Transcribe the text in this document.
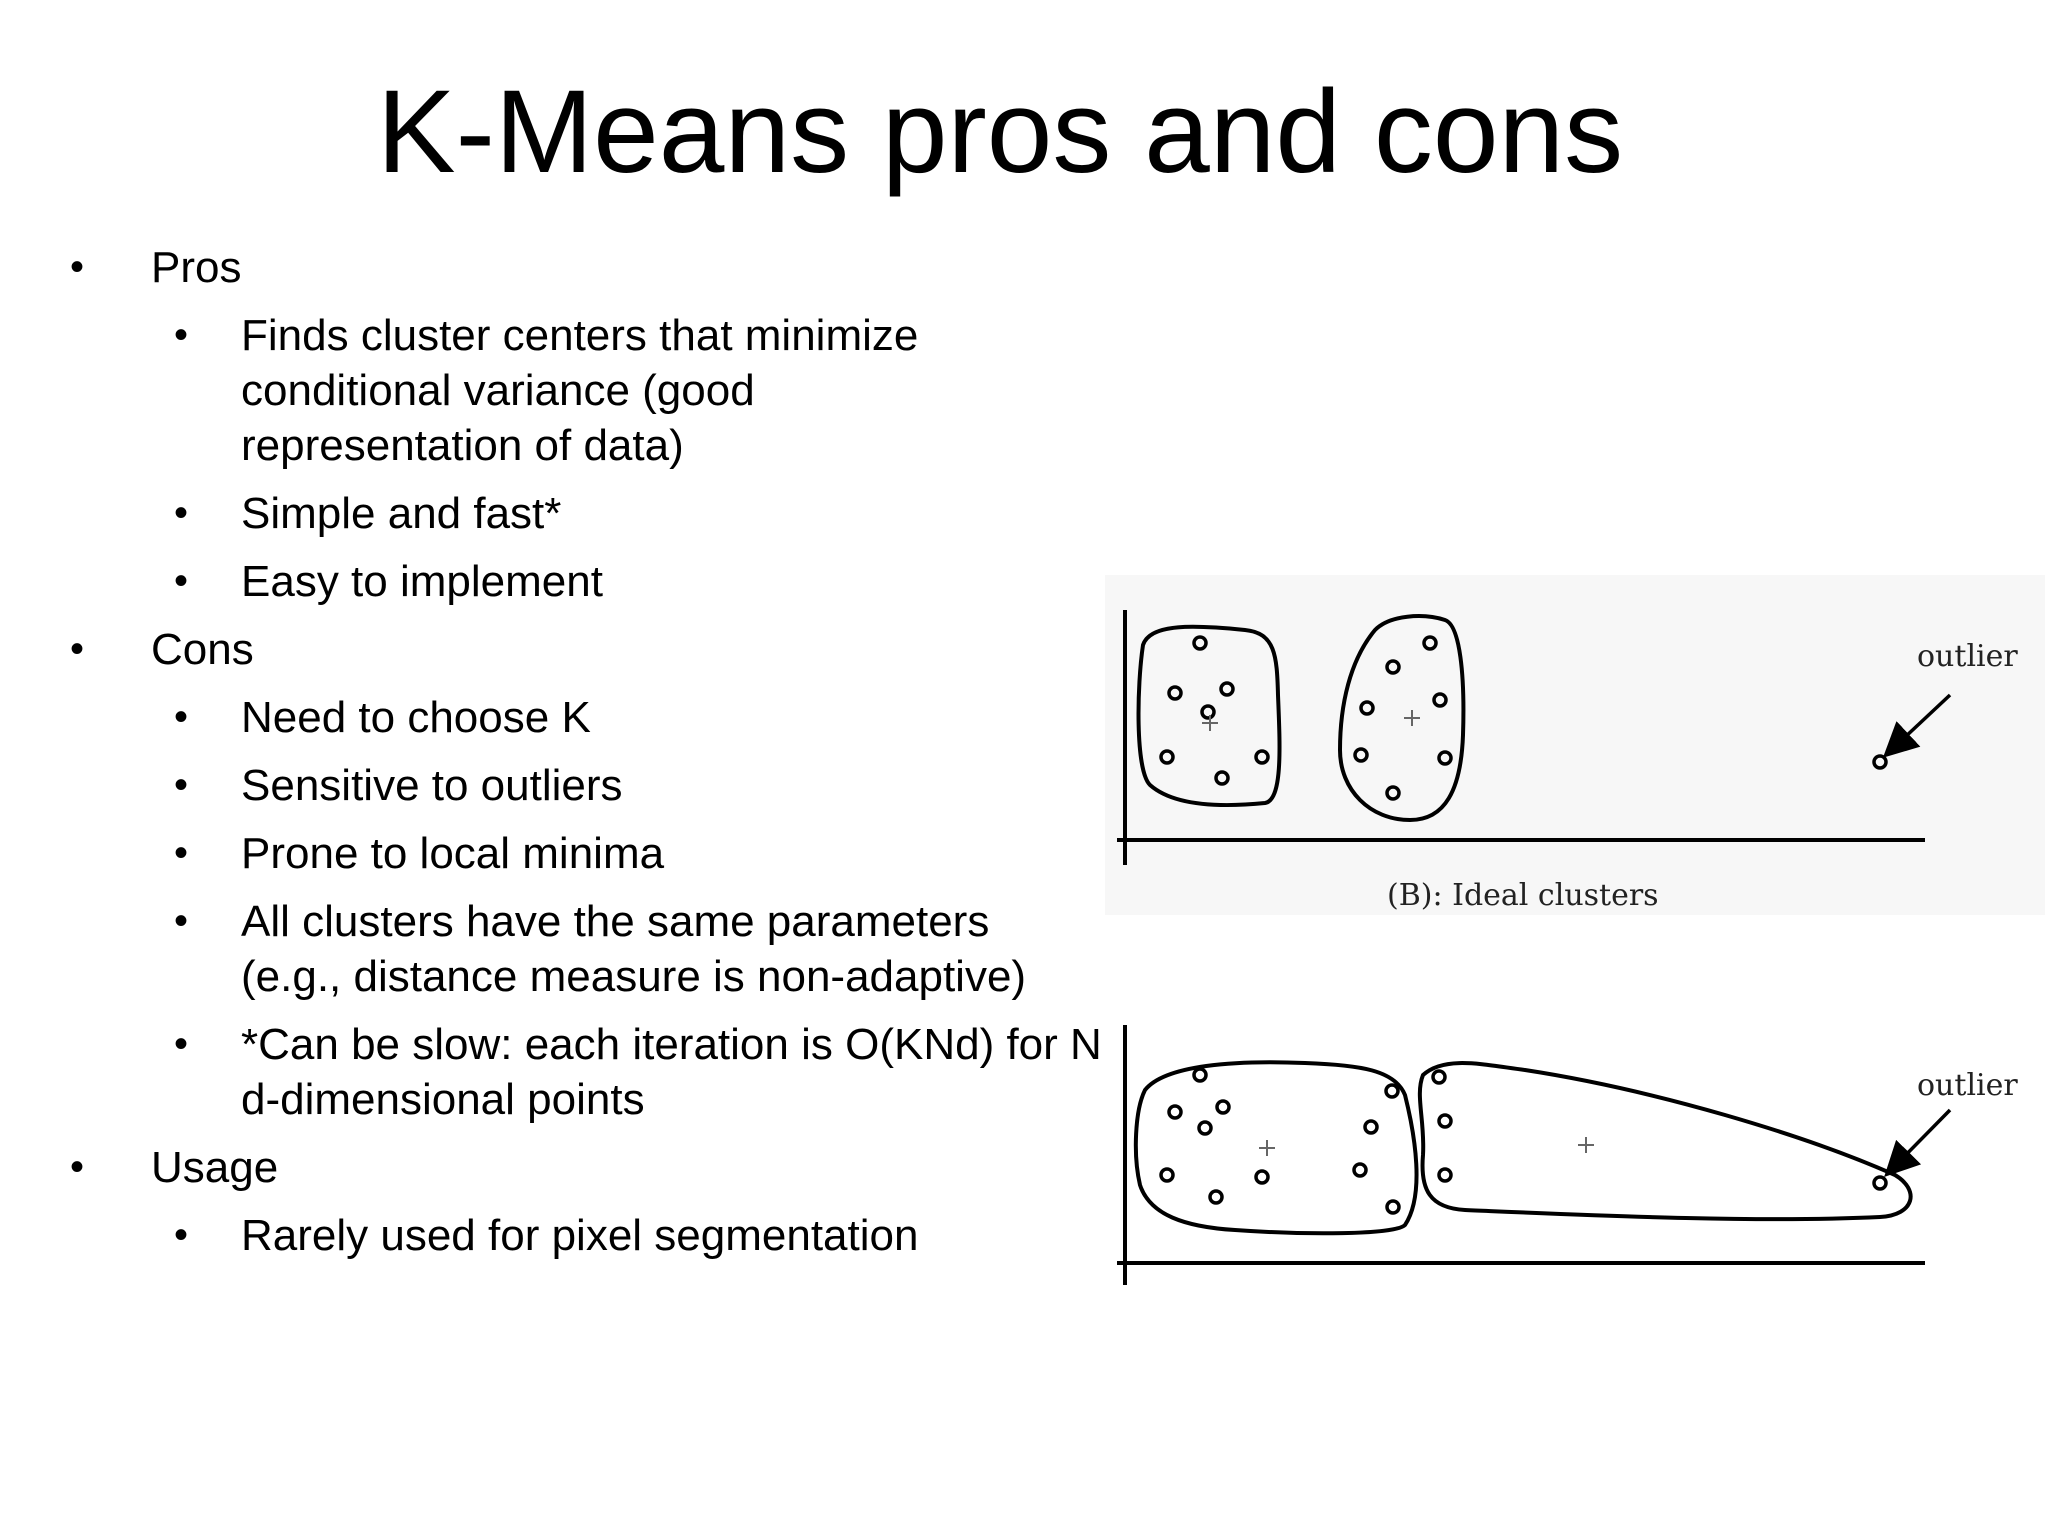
K-Means pros and cons
• Pros
• Finds cluster centers that minimize conditional variance (good representation of data)
• Simple and fast*
• Easy to implement
• Cons
• Need to choose K
• Sensitive to outliers
• Prone to local minima
• All clusters have the same parameters (e.g., distance measure is non-adaptive)
• *Can be slow: each iteration is O(KNd) for N d-dimensional points
• Usage
• Rarely used for pixel segmentation
outlier
(B): Ideal clusters
outlier
